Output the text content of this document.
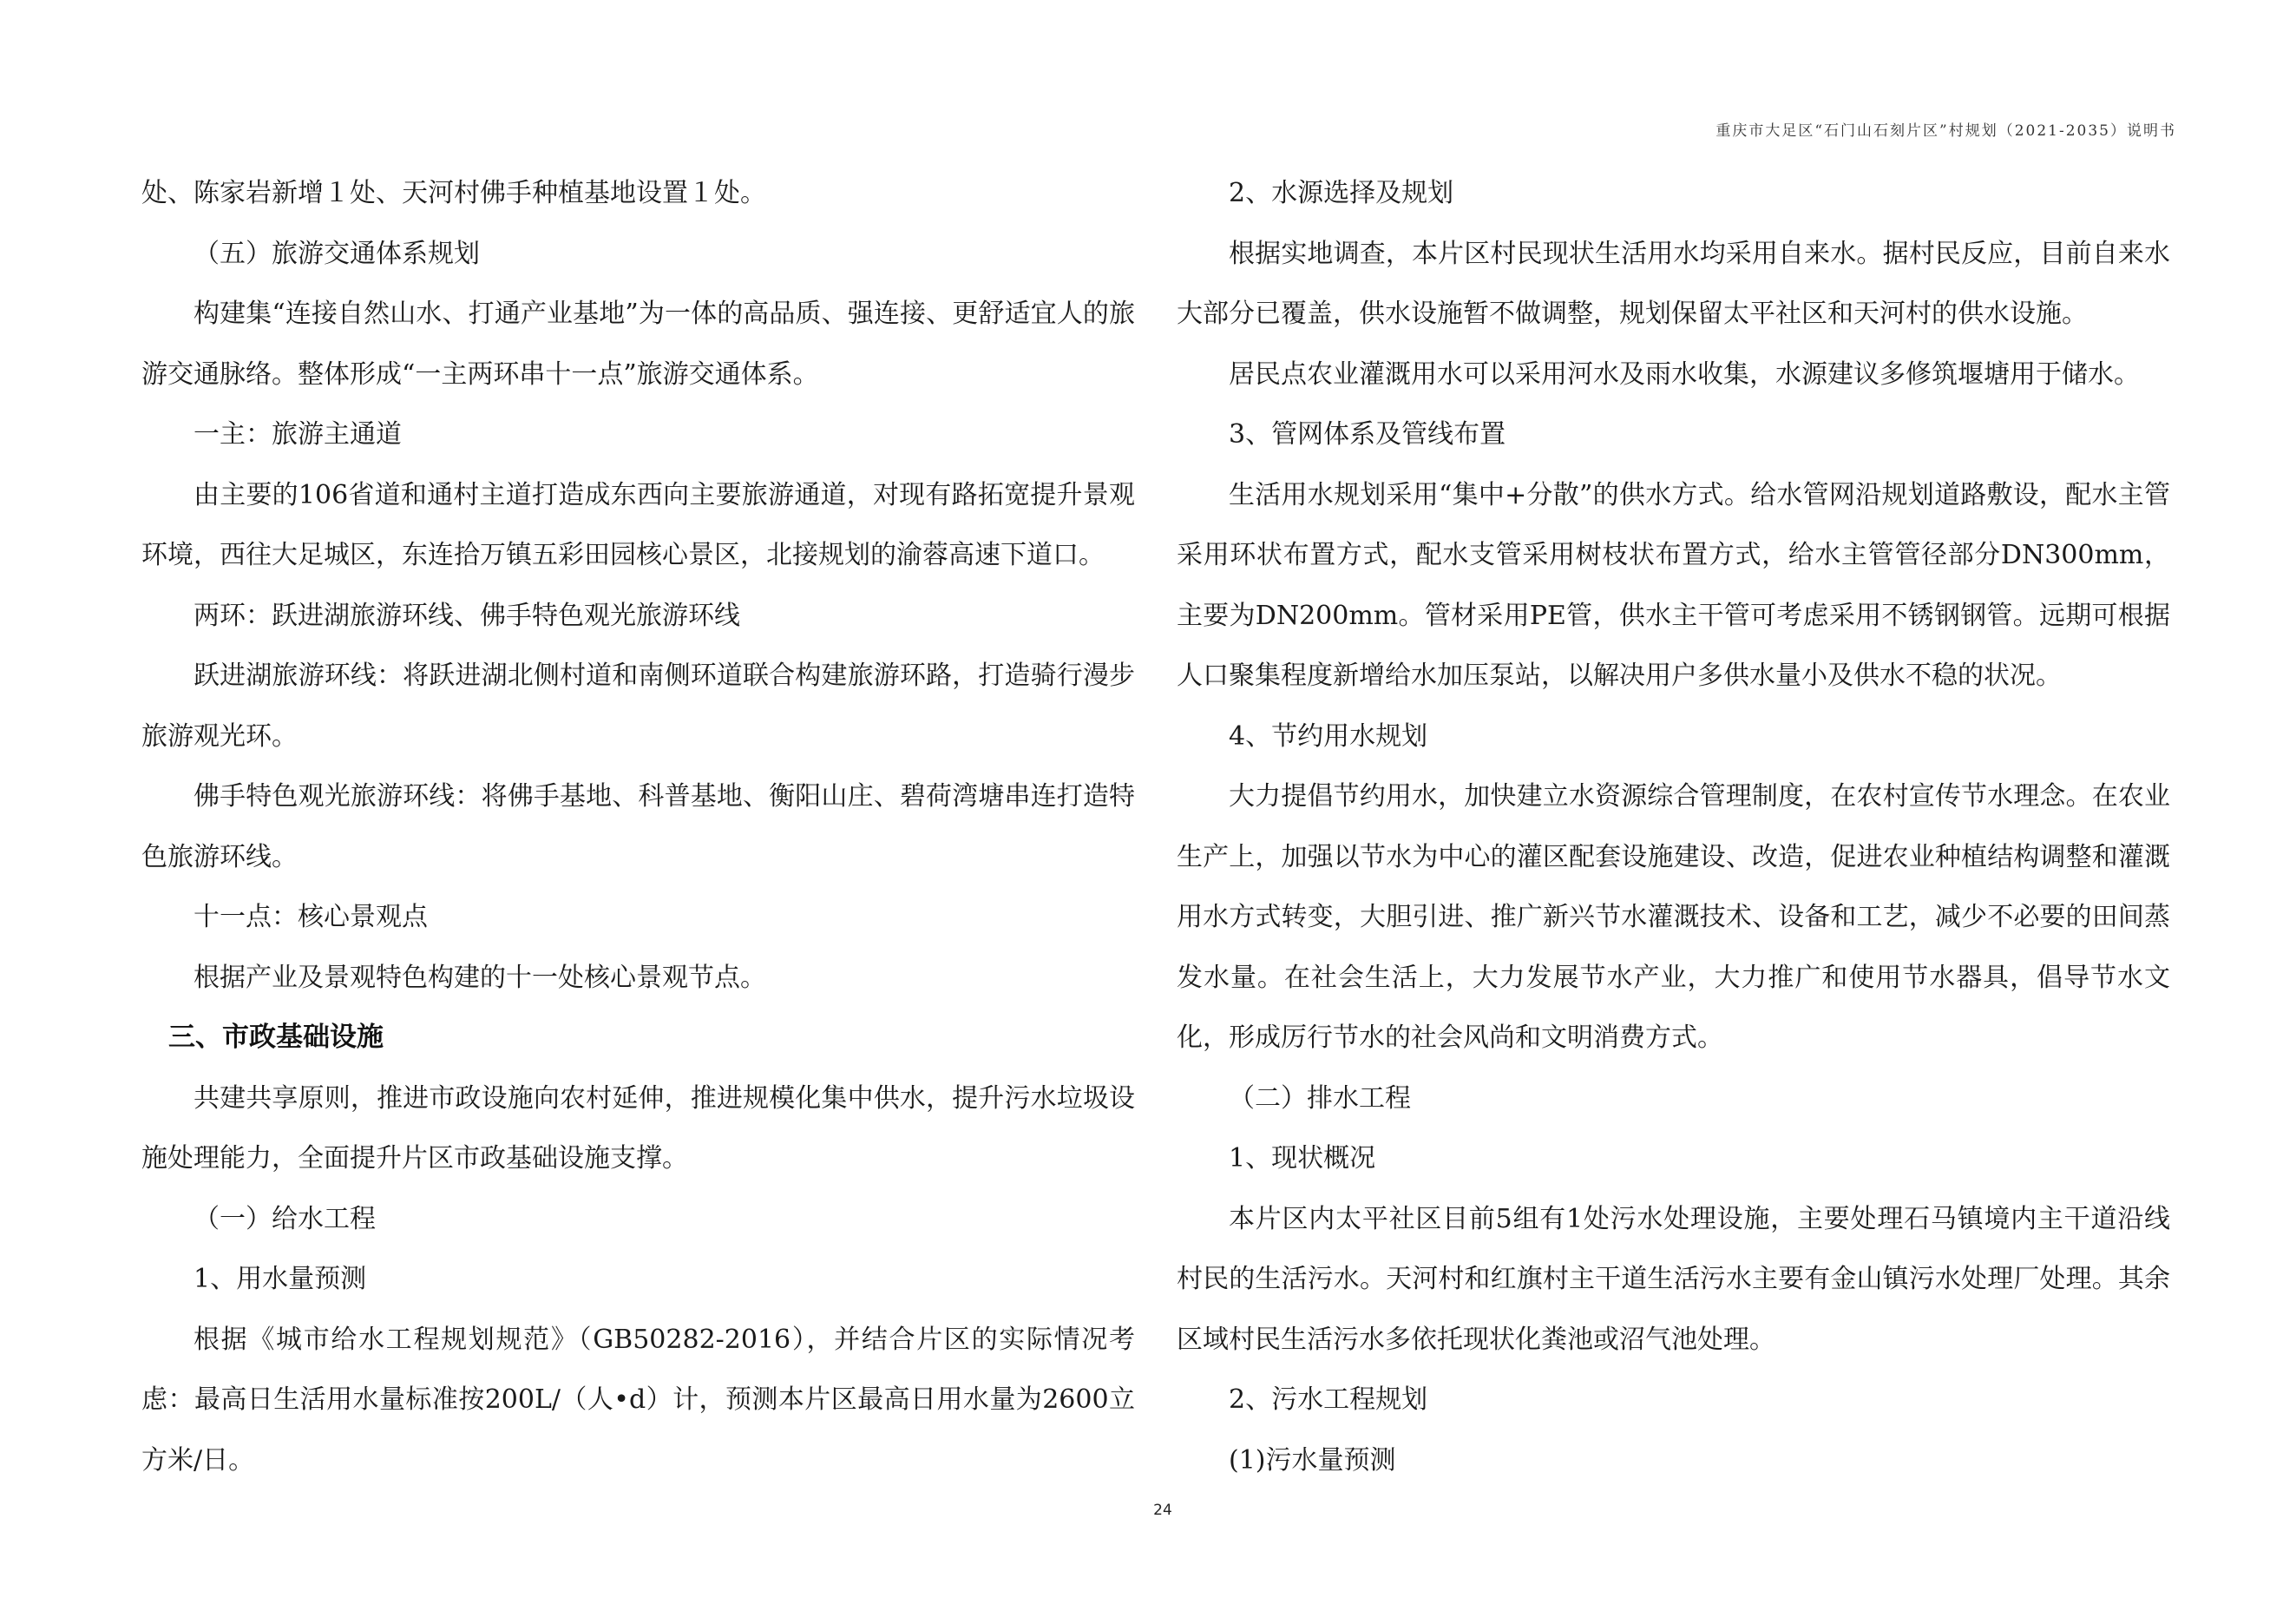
重庆市大足区“石门山石刻片区”村规划（2021-2035）说明书

处、陈家岩新增１处、天河村佛手种植基地设置１处。

（五）旅游交通体系规划

构建集“连接自然山水、打通产业基地”为一体的高品质、强连接、更舒适宜人的旅游交通脉络。整体形成“一主两环串十一点”旅游交通体系。

一主：旅游主通道

由主要的106省道和通村主道打造成东西向主要旅游通道，对现有路拓宽提升景观环境，西往大足城区，东连拾万镇五彩田园核心景区，北接规划的渝蓉高速下道口。

两环：跃进湖旅游环线、佛手特色观光旅游环线

跃进湖旅游环线：将跃进湖北侧村道和南侧环道联合构建旅游环路，打造骑行漫步旅游观光环。

佛手特色观光旅游环线：将佛手基地、科普基地、衡阳山庄、碧荷湾塘串连打造特色旅游环线。

十一点：核心景观点

根据产业及景观特色构建的十一处核心景观节点。

三、市政基础设施

共建共享原则，推进市政设施向农村延伸，推进规模化集中供水，提升污水垃圾设施处理能力，全面提升片区市政基础设施支撑。

（一）给水工程

1、用水量预测

根据《城市给水工程规划规范》（GB50282-2016），并结合片区的实际情况考虑：最高日生活用水量标准按200L/（人•d）计，预测本片区最高日用水量为2600立方米/日。

2、水源选择及规划

根据实地调查，本片区村民现状生活用水均采用自来水。据村民反应，目前自来水大部分已覆盖，供水设施暂不做调整，规划保留太平社区和天河村的供水设施。

居民点农业灌溉用水可以采用河水及雨水收集，水源建议多修筑堰塘用于储水。

3、管网体系及管线布置

生活用水规划采用“集中+分散”的供水方式。给水管网沿规划道路敷设，配水主管采用环状布置方式，配水支管采用树枝状布置方式，给水主管管径部分DN300mm，主要为DN200mm。管材采用PE管，供水主干管可考虑采用不锈钢钢管。远期可根据人口聚集程度新增给水加压泵站，以解决用户多供水量小及供水不稳的状况。

4、节约用水规划

大力提倡节约用水，加快建立水资源综合管理制度，在农村宣传节水理念。在农业生产上，加强以节水为中心的灌区配套设施建设、改造，促进农业种植结构调整和灌溉用水方式转变，大胆引进、推广新兴节水灌溉技术、设备和工艺，减少不必要的田间蒸发水量。在社会生活上，大力发展节水产业，大力推广和使用节水器具，倡导节水文化，形成厉行节水的社会风尚和文明消费方式。

（二）排水工程

1、现状概况

本片区内太平社区目前5组有1处污水处理设施，主要处理石马镇境内主干道沿线村民的生活污水。天河村和红旗村主干道生活污水主要有金山镇污水处理厂处理。其余区域村民生活污水多依托现状化粪池或沼气池处理。

2、污水工程规划

(1)污水量预测

24
